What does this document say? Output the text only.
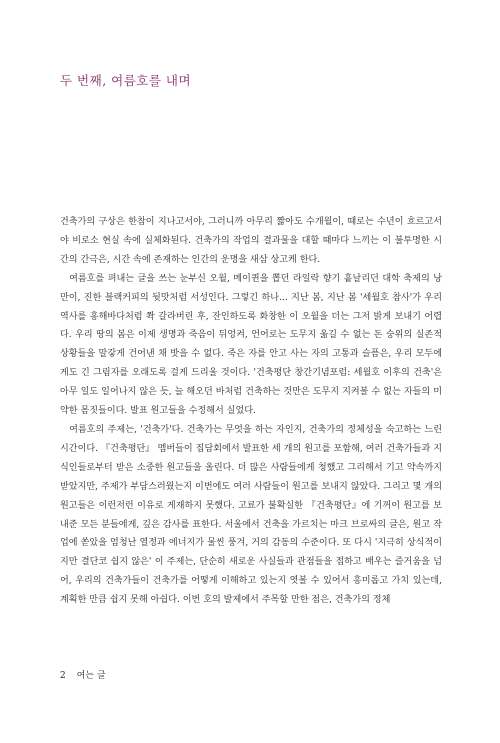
두 번째, 여름호를 내며

건축가의 구상은 한참이 지나고서야, 그러니까 아무리 짧아도 수개월이, 때로는 수년이 흐르고서야 비로소 현실 속에 실체화된다. 건축가의 작업의 결과물을 대할 때마다 느끼는 이 불투명한 시간의 간극은, 시간 속에 존재하는 인간의 운명을 새삼 상고케 한다.

여름호를 펴내는 글을 쓰는 눈부신 오월, 메이퀸을 뽑던 라일락 향기 흩날리던 대학 축제의 낭만이, 진한 블랙커피의 뒷맛처럼 서성인다. 그렇긴 하나... 지난 봄, 지난 봄 '세월호 참사'가 우리 역사를 홍해바다처럼 쫙 갈라버린 후, 잔인하도록 화창한 이 오월을 더는 그저 밝게 보내기 어렵다. 우리 땅의 봄은 이제 생명과 죽음이 뒤엉켜, 언어로는 도무지 옮길 수 없는 돈 숭위의 실존적 상황들을 말갛게 건어낸 채 밧을 수 없다. 죽은 자를 안고 사는 자의 고통과 슬픔은, 우리 모두에게도 긴 그림자를 오래도록 걸게 드리울 것이다. '건축평단 창간기념포럼: 세월호 이후의 건축'은 아무 일도 일어나지 않은 듯, 늘 해오던 바처럼 건축하는 것만은 도무지 지켜볼 수 없는 자들의 미약한 몸짓들이다. 발표 원고들을 수정해서 실었다.

여름호의 주제는, '건축가'다. 건축가는 무엇을 하는 자인지, 건축가의 정체성을 숙고하는 느린 시간이다. 『건축평단』 멤버들이 집담회에서 발표한 세 개의 원고를 포함해, 여러 건축가들과 지식인들로부터 받은 소중한 원고들을 올린다. 더 많은 사람들에게 청했고 그리해서 기고 약속까지 받았지만, 주제가 부담스러웠는지 이번에도 여러 사람들이 원고를 보내지 않았다. 그리고 몇 개의 원고들은 이런저런 이유로 게재하지 못했다. 고료가 불확실한 『건축평단』에 기꺼이 원고를 보내준 모든 분들에게, 깊은 감사를 표한다. 서울에서 건축을 가르치는 마크 브로싸의 글은, 원고 작업에 쏟았을 엄청난 열정과 에너지가 물씬 풍겨, 거의 감동의 수준이다. 또 다시 '지극히 상식적이지만 결단코 쉽지 않은' 이 주제는, 단순히 새로운 사실들과 관점들을 접하고 배우는 즐거움을 넘어, 우리의 건축가들이 건축가를 어떻게 이해하고 있는지 엿볼 수 있어서 흥미롭고 가치 있는데, 계획한 만큼 쉽지 못해 아쉽다. 이번 호의 발제에서 주목할 만한 점은, 건축가의 정체

2 여는 글
